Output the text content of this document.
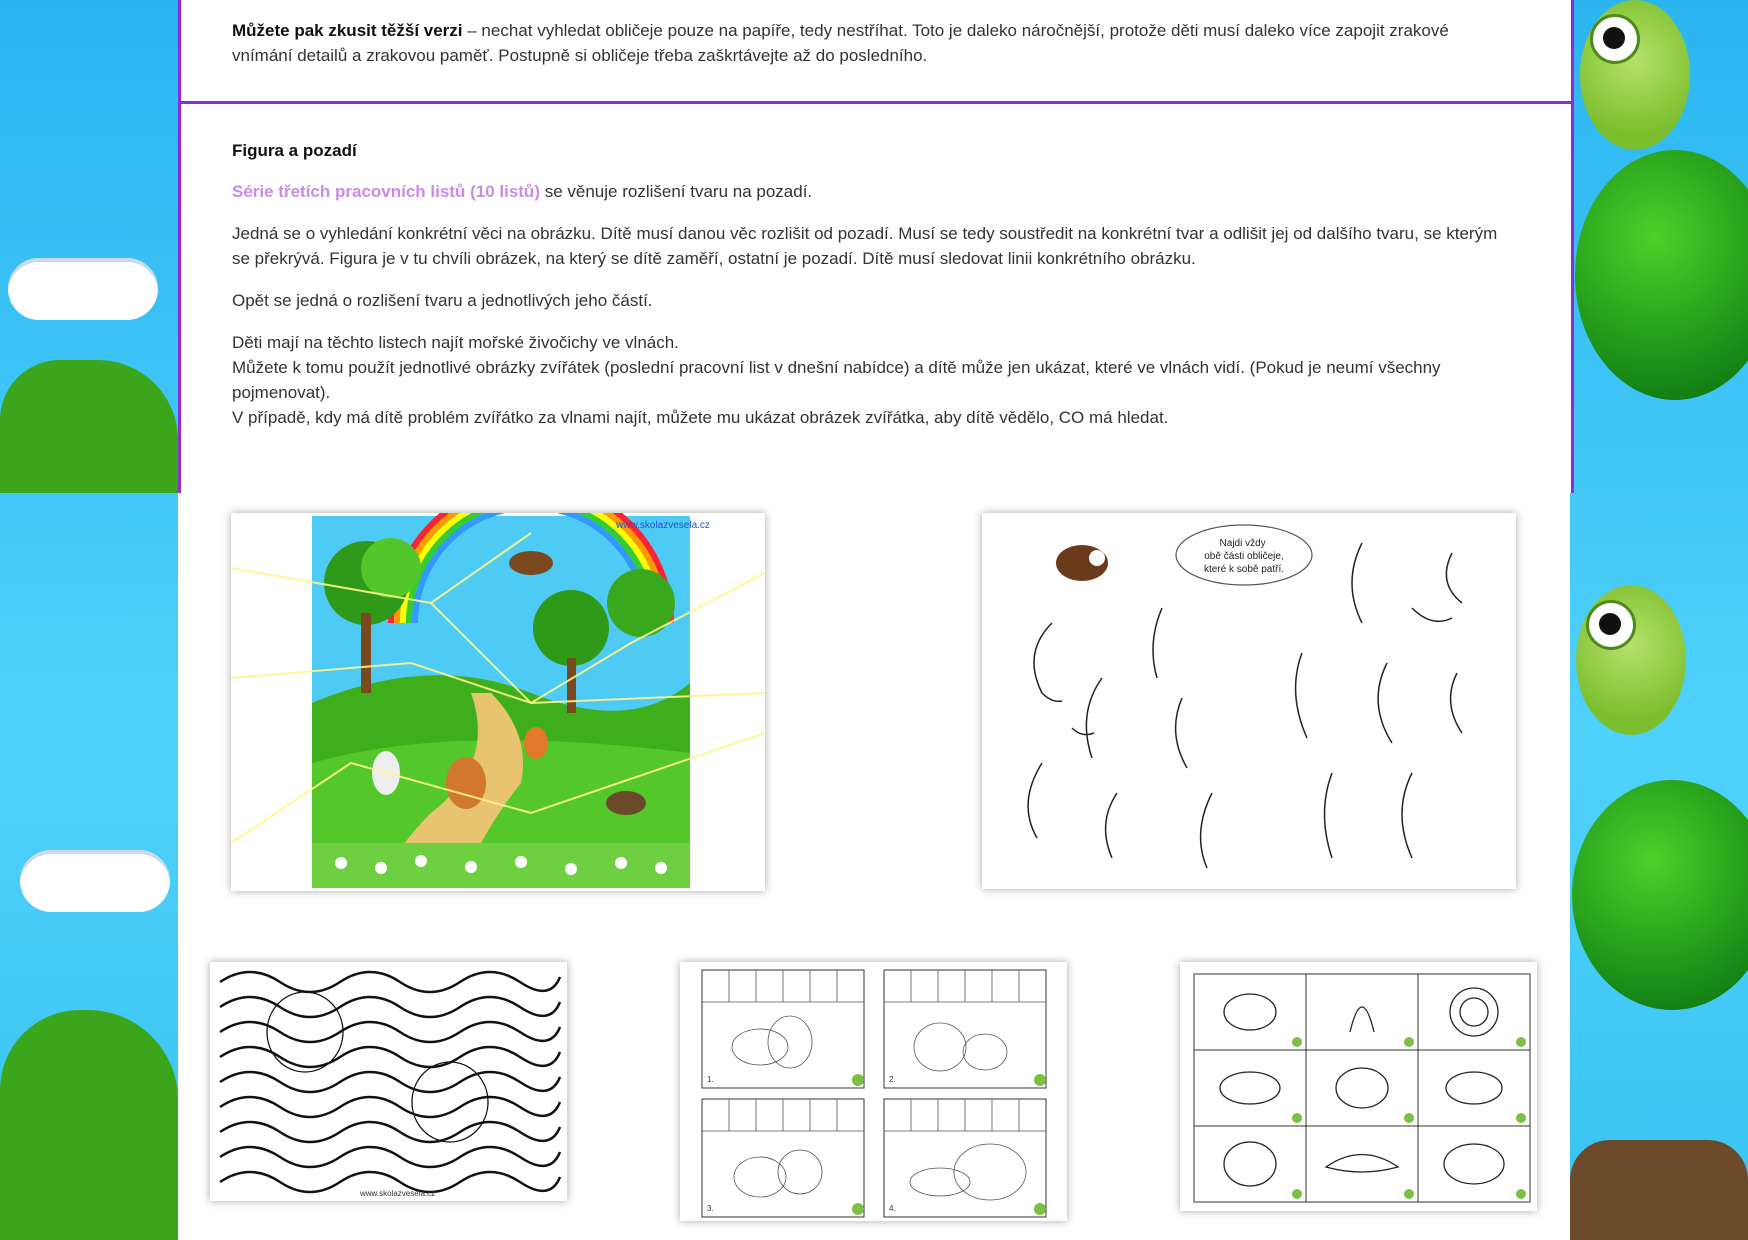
Můžete pak zkusit těžší verzi – nechat vyhledat obličeje pouze na papíře, tedy nestříhat. Toto je daleko náročnější, protože děti musí daleko více zapojit zrakové vnímání detailů a zrakovou paměť. Postupně si obličeje třeba zaškrtávejte až do posledního.
Figura a pozadí
Série třetích pracovních listů (10 listů) se věnuje rozlišení tvaru na pozadí.
Jedná se o vyhledání konkrétní věci na obrázku. Dítě musí danou věc rozlišit od pozadí. Musí se tedy soustředit na konkrétní tvar a odlišit jej od dalšího tvaru, se kterým se překrývá. Figura je v tu chvíli obrázek, na který se dítě zaměří, ostatní je pozadí. Dítě musí sledovat linii konkrétního obrázku.
Opět se jedná o rozlišení tvaru a jednotlivých jeho částí.
Děti mají na těchto listech najít mořské živočichy ve vlnách.
Můžete k tomu použít jednotlivé obrázky zvířátek (poslední pracovní list v dnešní nabídce) a dítě může jen ukázat, které ve vlnách vidí. (Pokud je neumí všechny pojmenovat).
V případě, kdy má dítě problém zvířátko za vlnami najít, můžete mu ukázat obrázek zvířátka, aby dítě vědělo, CO má hledat.
www.skolazvesela.cz
Najdi vždy obě části obličeje, které k sobě patří.
www.skolazvesela.cz
1.	2.
3.	4.
